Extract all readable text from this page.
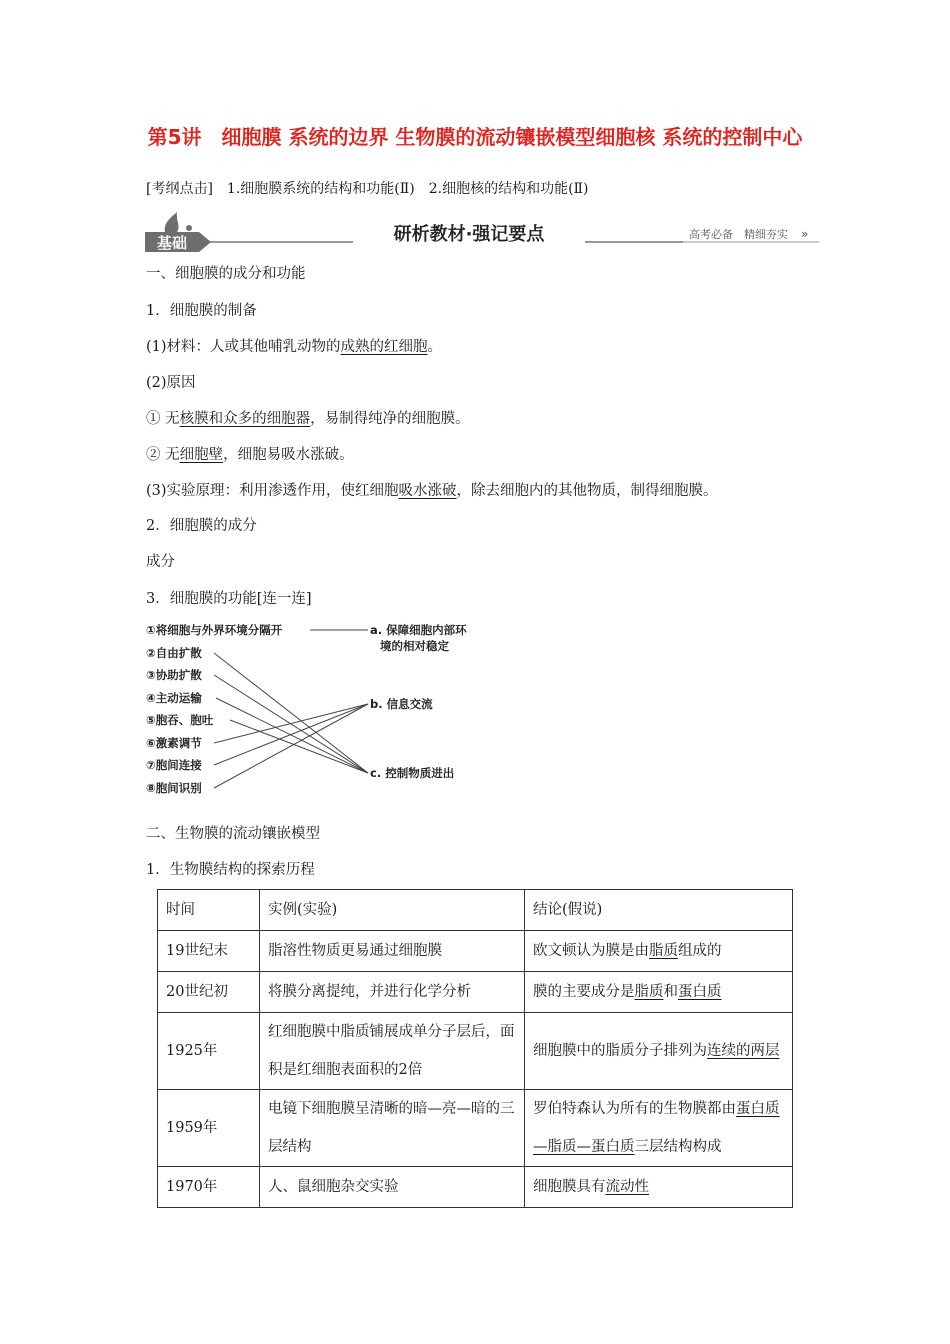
第5讲　细胞膜 系统的边界 生物膜的流动镶嵌模型细胞核 系统的控制中心
[考纲点击]　1.细胞膜系统的结构和功能(Ⅱ)　2.细胞核的结构和功能(Ⅱ)
基础	研析教材·强记要点	高考必备　精细夯实 »
一、细胞膜的成分和功能
1．细胞膜的制备
(1)材料：人或其他哺乳动物的成熟的红细胞。
(2)原因
① 无核膜和众多的细胞器，易制得纯净的细胞膜。
② 无细胞壁，细胞易吸水涨破。
(3)实验原理：利用渗透作用，使红细胞吸水涨破，除去细胞内的其他物质，制得细胞膜。
2．细胞膜的成分
成分
3．细胞膜的功能[连一连]
①将细胞与外界环境分隔开
②自由扩散
③协助扩散
④主动运输
⑤胞吞、胞吐
⑥激素调节
⑦胞间连接
⑧胞间识别
a. 保障细胞内部环
境的相对稳定
b. 信息交流
c. 控制物质进出
二、生物膜的流动镶嵌模型
1．生物膜结构的探索历程
时间	实例(实验)	结论(假说)
19世纪末	脂溶性物质更易通过细胞膜	欧文顿认为膜是由脂质组成的
20世纪初	将膜分离提纯，并进行化学分析	膜的主要成分是脂质和蛋白质
1925年	红细胞膜中脂质铺展成单分子层后，面积是红细胞表面积的2倍	细胞膜中的脂质分子排列为连续的两层
1959年	电镜下细胞膜呈清晰的暗—亮—暗的三层结构	罗伯特森认为所有的生物膜都由蛋白质—脂质—蛋白质三层结构构成
1970年	人、鼠细胞杂交实验	细胞膜具有流动性
